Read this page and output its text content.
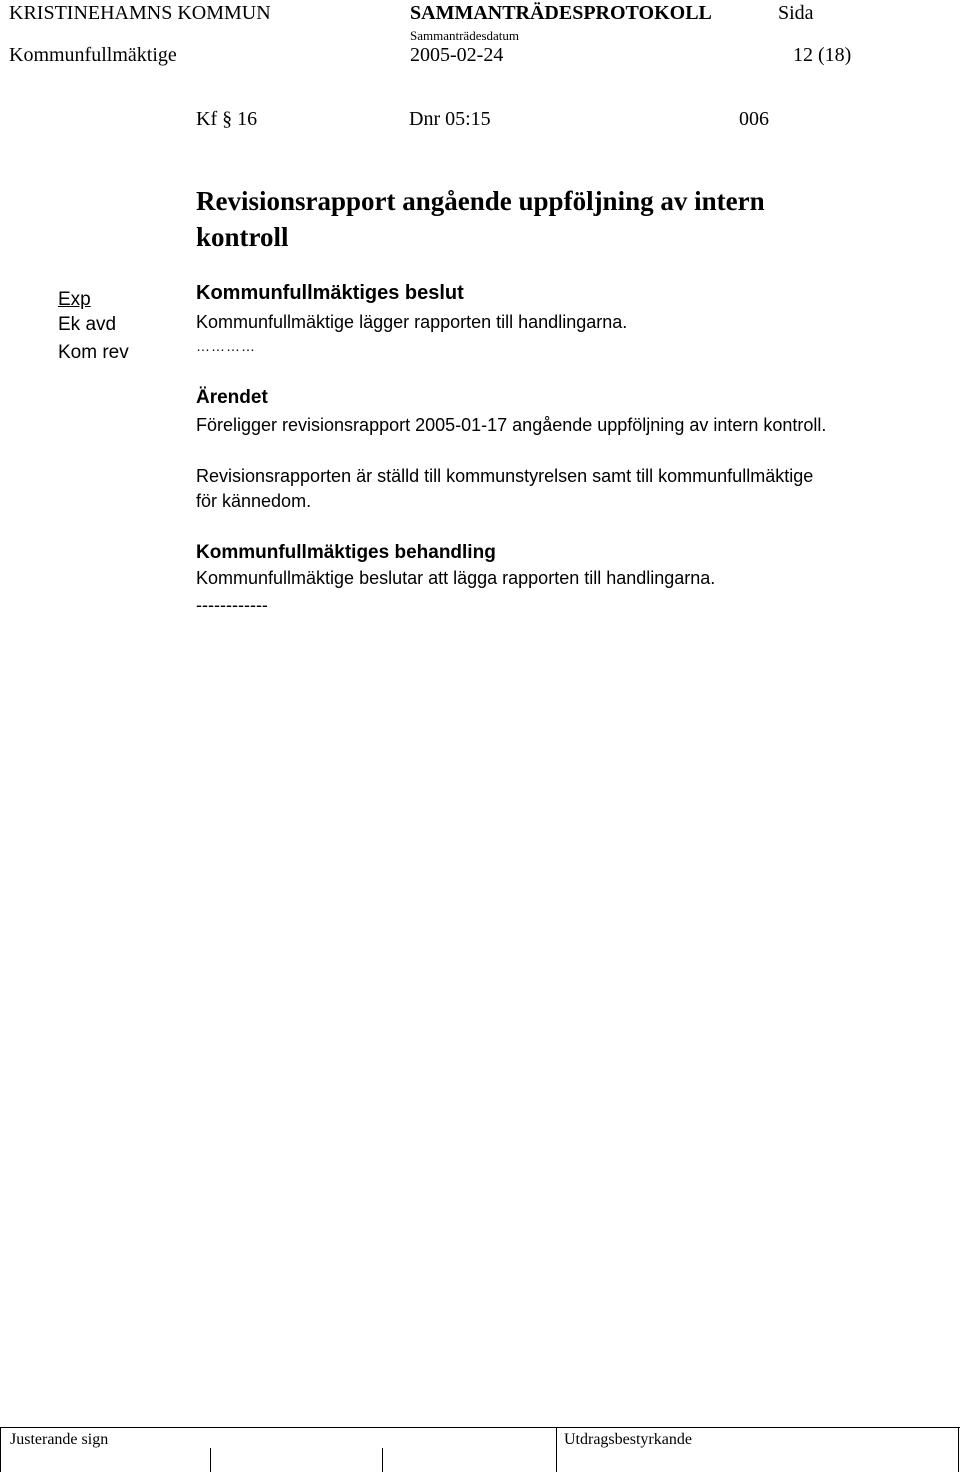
KRISTINEHAMNS KOMMUN	SAMMANTRÄDESPROTOKOLL	Sida
Sammanträdesdatum
Kommunfullmäktige	2005-02-24	12 (18)
Kf § 16	Dnr 05:15	006
Revisionsrapport angående uppföljning av intern
kontroll
Exp
Ek avd
Kom rev
Kommunfullmäktiges beslut
Kommunfullmäktige lägger rapporten till handlingarna.
…………
Ärendet
Föreligger revisionsrapport 2005-01-17 angående uppföljning av intern kontroll.
Revisionsrapporten är ställd till kommunstyrelsen samt till kommunfullmäktige
för kännedom.
Kommunfullmäktiges behandling
Kommunfullmäktige beslutar att lägga rapporten till handlingarna.
------------
Justerande sign	Utdragsbestyrkande
